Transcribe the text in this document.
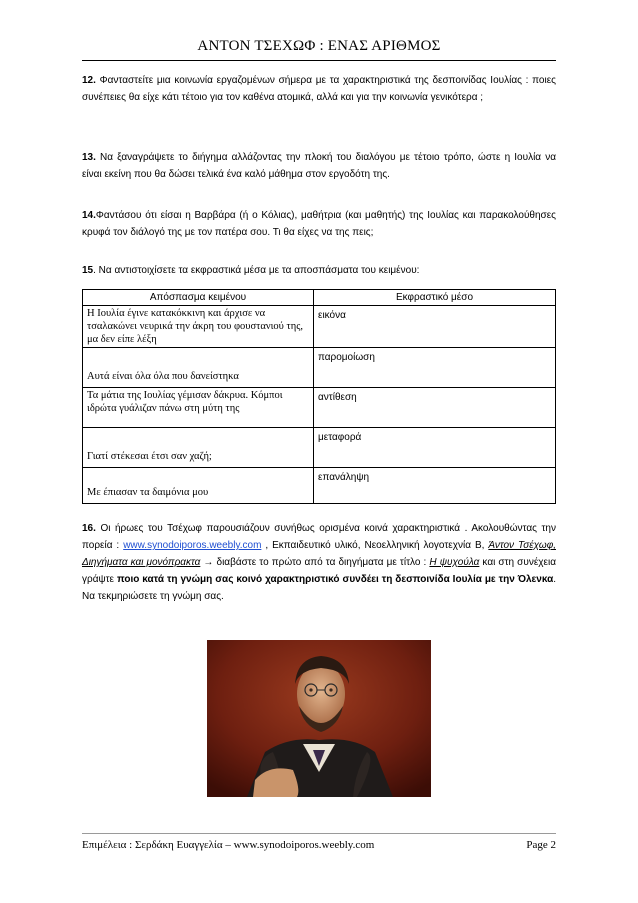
ΑΝΤΟΝ ΤΣΕΧΩΦ : ΕΝΑΣ ΑΡΙΘΜΟΣ
12. Φανταστείτε μια κοινωνία εργαζομένων σήμερα με τα χαρακτηριστικά της δεσποινίδας Ιουλίας : ποιες συνέπειες θα είχε κάτι τέτοιο για τον καθένα ατομικά, αλλά και για την κοινωνία γενικότερα ;
13. Να ξαναγράψετε το διήγημα αλλάζοντας την πλοκή του διαλόγου με τέτοιο τρόπο, ώστε η Ιουλία να είναι εκείνη που θα δώσει τελικά ένα καλό μάθημα στον εργοδότη της.
14.Φαντάσου ότι είσαι η Βαρβάρα (ή ο Κόλιας), μαθήτρια (και μαθητής) της Ιουλίας και παρακολούθησες κρυφά τον διάλογό της με τον πατέρα σου. Τι θα είχες να της πεις;
15. Να αντιστοιχίσετε τα εκφραστικά μέσα με τα αποσπάσματα του κειμένου:
Απόσπασμα κειμένου	Εκφραστικό μέσο
Η Ιουλία έγινε κατακόκκινη και άρχισε να τσαλακώνει νευρικά την άκρη του φουστανιού της, μα δεν είπε λέξη	εικόνα
Αυτά είναι όλα όλα που δανείστηκα	παρομοίωση
Τα μάτια της Ιουλίας γέμισαν δάκρυα. Κόμποι ιδρώτα γυάλιζαν πάνω στη μύτη της	αντίθεση
Γιατί στέκεσαι έτσι σαν χαζή;	μεταφορά
Με έπιασαν τα δαιμόνια μου	επανάληψη
16. Οι ήρωες του Τσέχωφ παρουσιάζουν συνήθως ορισμένα κοινά χαρακτηριστικά . Ακολουθώντας την πορεία : www.synodoiporos.weebly.com , Εκπαιδευτικό υλικό, Νεοελληνική λογοτεχνία Β, Άντον Τσέχωφ, Διηγήματα και μονόπρακτα → διαβάστε το πρώτο από τα διηγήματα με τίτλο : Η ψυχούλα και στη συνέχεια γράψτε ποιο κατά τη γνώμη σας κοινό χαρακτηριστικό συνδέει τη δεσποινίδα Ιουλία με την Όλενκα. Να τεκμηριώσετε τη γνώμη σας.
Επιμέλεια : Σερδάκη Ευαγγελία – www.synodoiporos.weebly.com	Page 2
